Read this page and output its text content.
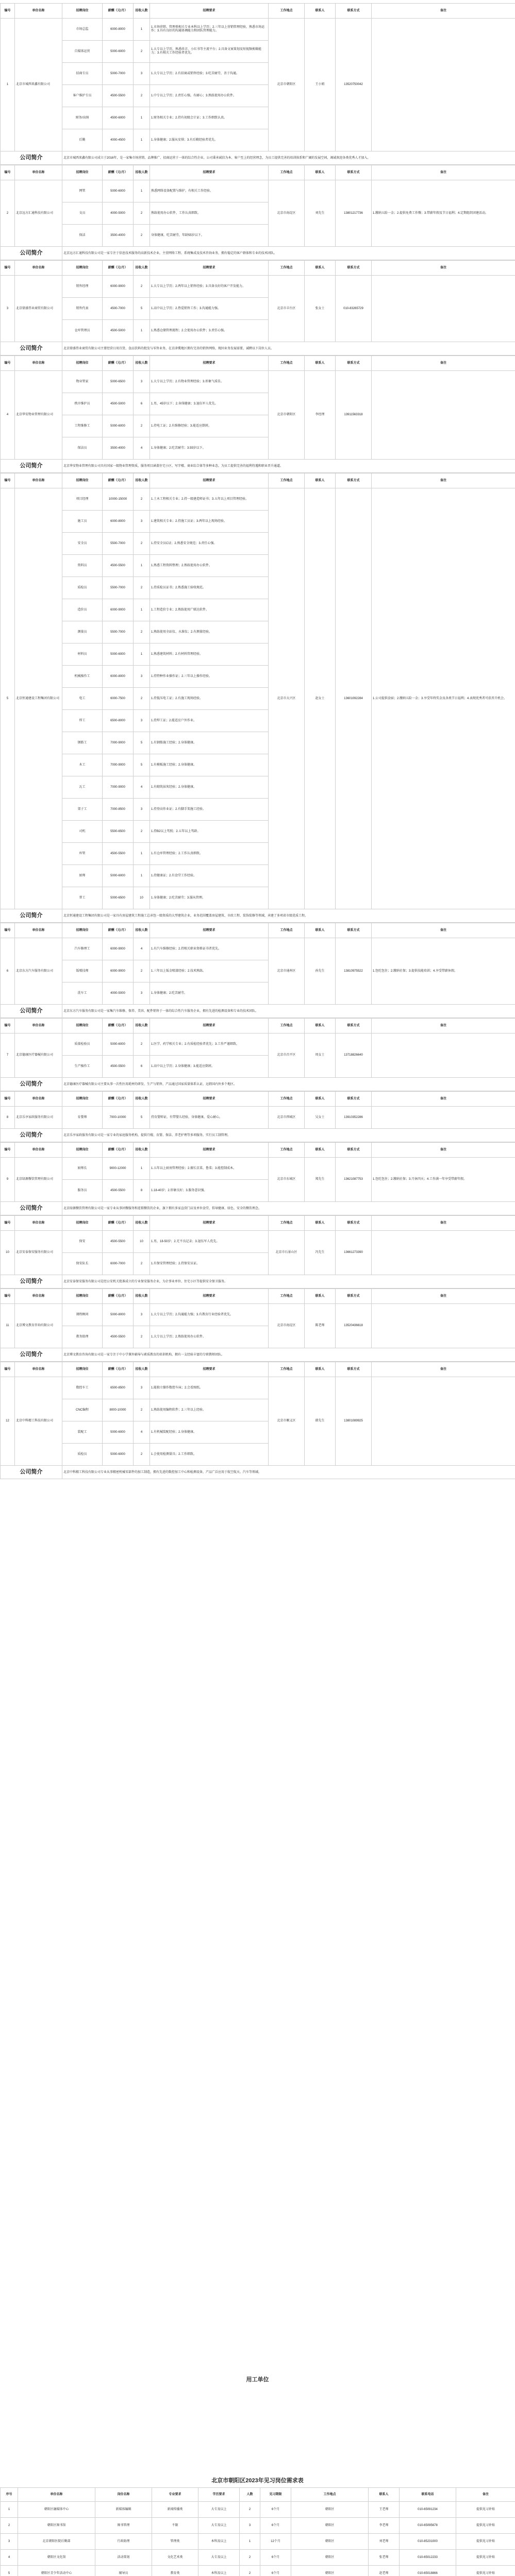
编号	单位名称	招聘岗位	薪酬（元/月）	招收人数	招聘要求	工作地点	联系人	联系方式	备注
1	北京市城西来鑫有限公司	市场总监	6000-8000	1	1.市场营销、管理类相关专业本科以上学历；2.三年以上营销管理经验，熟悉市场运作；3.具有良好的沟通协调能力和团队管理能力。	北京市朝阳区	王小姐	13520750042	
		自媒体运营	5000-6000	2	1.大专以上学历，熟悉抖音、小红书等主流平台；2.具备文案策划及短视频剪辑能力；3.有相关工作经验者优先。				
		招商专员	5000-7000	3	1.大专以上学历；2.有招商或销售经验；3.吃苦耐劳，善于沟通。				
		客户维护专员	4500-5500	2	1.中专以上学历；2.责任心强，有耐心；3.熟练使用办公软件。				
		财务/出纳	4500-6000	1	1.财务相关专业；2.持有初级会计证；3.工作细致认真。				
		后勤	4000-4500	1	1.身体健康；2.服从安排；3.有后勤经验者优先。				
公司简介		北京市城西来鑫有限公司成立于2016年，是一家集市场营销、品牌推广、招商运营于一体的综合性企业。公司秉承诚信为本、客户至上的经营理念，为员工提供完善的培训体系和广阔的发展空间，竭诚欢迎各类优秀人才加入。							
编号	单位名称	招聘岗位	薪酬（元/月）	招收人数	招聘要求	工作地点	联系人	联系方式	备注
2	北京远方汇通科技有限公司	网管	5000-6000	1	熟悉网络设备配置与维护，有相关工作经验。	北京市海淀区	刘先生	13801217736	1.缴纳五险一金；2.提供免费工作餐；3.带薪年假及节日福利；4.定期组织团建活动。
		文员	4000-5000	2	熟练使用办公软件，工作认真细致。				
		保洁	3500-4000	2	身体健康，吃苦耐劳，年龄55岁以下。				
公司简介		北京远方汇通科技有限公司是一家专注于信息技术服务的高新技术企业，主营网络工程、系统集成及技术咨询业务，拥有稳定的客户群体和专业的技术团队。							
编号	单位名称	招聘岗位	薪酬（元/月）	招收人数	招聘要求	工作地点	联系人	联系方式	备注
3	北京鼎盛伟业商贸有限公司	销售经理	6000-9000	2	1.大专以上学历；2.两年以上销售经验；3.具备良好的客户开发能力。	北京市丰台区	张女士	010-83265729	
		销售代表	4500-7000	5	1.高中以上学历；2.热爱销售工作；3.沟通能力强。				
		仓库管理员	4500-5000	1	1.熟悉仓储管理流程；2.会使用办公软件；3.责任心强。				
公司简介		北京鼎盛伟业商贸有限公司主要经营日用百货、食品饮料的批发与零售业务，在京津冀地区拥有完善的销售网络，现因业务发展需要，诚聘以下岗位人员。							
编号	单位名称	招聘岗位	薪酬（元/月）	招收人数	招聘要求	工作地点	联系人	联系方式	备注
4	北京华安物业管理有限公司	物业管家	5000-6500	3	1.大专以上学历；2.有物业管理经验；3.形象气质佳。	北京市朝阳区	李经理	13911563318	
		秩序维护员	4500-5000	6	1.男，45岁以下；2.身体健康；3.退伍军人优先。				
		工程维修工	5000-6000	2	1.持电工证；2.有维修经验；3.能适应倒班。				
		保洁员	3500-4000	4	1.身体健康；2.吃苦耐劳；3.55岁以下。				
公司简介		北京华安物业管理有限公司具有国家一级物业管理资质，服务项目涵盖住宅小区、写字楼、商业综合体等多种业态，为员工提供完善的福利待遇和职业晋升通道。							
编号	单位名称	招聘岗位	薪酬（元/月）	招收人数	招聘要求	工作地点	联系人	联系方式	备注
5	北京恒通建设工程集团有限公司	项目经理	10000-15000	2	1.土木工程相关专业；2.持一级建造师证书；3.五年以上项目管理经验。	北京市大兴区	赵女士	13601092284	1.公司提供食宿；2.缴纳五险一金；3.享受年终奖金及各类节日福利；4.表现优秀者可获晋升机会。
		施工员	6000-8000	3	1.建筑相关专业；2.持施工员证；3.两年以上现场经验。				
		安全员	5500-7000	2	1.持安全员C证；2.熟悉安全规范；3.责任心强。				
		资料员	4500-5500	1	1.熟悉工程资料整理；2.熟练使用办公软件。				
		质检员	5500-7000	2	1.持质检员证书；2.熟悉施工验收规范。				
		造价员	6000-9000	1	1.工程造价专业；2.熟练使用广联达软件。				
		测量员	5500-7000	2	1.熟练使用全站仪、水准仪；2.有测量经验。				
		材料员	5000-6000	1	1.熟悉建筑材料；2.有材料管理经验。				
		机械操作工	6000-8000	3	1.持特种作业操作证；2.三年以上操作经验。				
		电工	6000-7500	2	1.持低压电工证；2.有施工现场经验。				
		焊工	6500-8000	3	1.持焊工证；2.能适应户外作业。				
		钢筋工	7000-9000	5	1.有钢筋施工经验；2.身体健康。				
		木工	7000-9000	5	1.有模板施工经验；2.身体健康。				
		瓦工	7000-9000	4	1.有砌筑抹灰经验；2.身体健康。				
		架子工	7000-8500	3	1.持登高作业证；2.有脚手架施工经验。				
		司机	5500-6500	2	1.持B2以上驾照；2.五年以上驾龄。				
		库管	4500-5500	1	1.有仓库管理经验；2.工作认真细致。				
		厨师	5000-6000	1	1.持健康证；2.有食堂工作经验。				
		普工	5000-6500	10	1.身体健康；2.吃苦耐劳；3.服从管理。				
公司简介		北京恒通建设工程集团有限公司是一家具有房屋建筑工程施工总承包一级资质的大型建筑企业，业务范围覆盖房屋建筑、市政工程、装饰装修等领域，承建了多项省市级优质工程。							
编号	单位名称	招聘岗位	薪酬（元/月）	招收人数	招聘要求	工作地点	联系人	联系方式	备注
6	北京东方汽车服务有限公司	汽车修理工	6000-9000	4	1.有汽车维修经验；2.持相关职业资格证书者优先。	北京市通州区	孙先生	13810975522	1.包吃包住；2.缴纳社保；3.提供技能培训；4.享受带薪休假。
		钣喷技师	6000-9000	2	1.三年以上钣金喷漆经验；2.技术熟练。				
		洗车工	4000-5000	3	1.身体健康；2.吃苦耐劳。				
公司简介		北京东方汽车服务有限公司是一家集汽车维修、保养、美容、配件销售于一体的综合性汽车服务企业，拥有先进的检测设备和专业的技术团队。							
编号	单位名称	招聘岗位	薪酬（元/月）	招收人数	招聘要求	工作地点	联系人	联系方式	备注
7	北京德康医疗器械有限公司	质量检验员	5000-6000	2	1.医学、药学相关专业；2.有质检经验者优先；3.工作严谨细致。	北京市昌平区	周女士	13718826640	
		生产操作工	4500-5500	6	1.高中以上学历；2.身体健康；3.能适应倒班。				
公司简介		北京德康医疗器械有限公司主要从事一次性医用耗材的研发、生产与销售，产品通过国家质量体系认证，远销国内外多个地区。							
编号	单位名称	招聘岗位	薪酬（元/月）	招收人数	招聘要求	工作地点	联系人	联系方式	备注
8	北京乐享家政服务有限公司	育婴师	7000-10000	5	持育婴师证，有带婴儿经验，身体健康，爱心耐心。	北京市西城区	吴女士	13910352286	
公司简介		北京乐享家政服务有限公司是一家专业的家庭服务机构，提供月嫂、育婴、保洁、养老护理等多项服务，实行员工制管理。							
编号	单位名称	招聘岗位	薪酬（元/月）	招收人数	招聘要求	工作地点	联系人	联系方式	备注
9	北京绿源餐饮管理有限公司	厨师长	9000-12000	1	1.五年以上厨房管理经验；2.擅长京菜、鲁菜；3.能控制成本。	北京市东城区	郑先生	13621087753	1.包吃包住；2.缴纳社保；3.月休四天；4.工作满一年享受带薪年假。
		服务员	4500-5500	8	1.18-40岁；2.形象良好；3.服务意识强。				
公司简介		北京绿源餐饮管理有限公司是一家专业从事团餐服务和连锁餐饮的企业，旗下拥有多家直营门店及单位食堂，倡导健康、绿色、安全的餐饮理念。							
编号	单位名称	招聘岗位	薪酬（元/月）	招收人数	招聘要求	工作地点	联系人	联系方式	备注
10	北京安泰保安服务有限公司	保安	4500-5500	10	1.男，18-50岁；2.无不良记录；3.退伍军人优先。	北京市石景山区	冯先生	13661273390	
		保安队长	6000-7000	2	1.有保安管理经验；2.持保安员证。				
公司简介		北京安泰保安服务有限公司是经公安机关批准成立的专业保安服务企业，为企事业单位、住宅小区等提供安全保卫服务。							
编号	单位名称	招聘岗位	薪酬（元/月）	招收人数	招聘要求	工作地点	联系人	联系方式	备注
11	北京博文教育咨询有限公司	课程顾问	5000-8000	3	1.大专以上学历；2.沟通能力强；3.有教育行业经验者优先。	北京市海淀区	陈老师	13520436618	
		教务助理	4500-5500	2	1.大专以上学历；2.熟练使用办公软件。				
公司简介		北京博文教育咨询有限公司是一家专注于中小学课外辅导与素质教育的培训机构，拥有一支经验丰富的专职教师团队。							
编号	单位名称	招聘岗位	薪酬（元/月）	招收人数	招聘要求	工作地点	联系人	联系方式	备注
12	北京中科精工科技有限公司	数控车工	6500-8500	3	1.能独立操作数控车床；2.会看图纸。	北京市顺义区	韩先生	13801089925	
		CNC编程	8000-10000	2	1.熟练使用编程软件；2.三年以上经验。				
		装配工	5000-6000	4	1.有机械装配经验；2.身体健康。				
		质检员	5000-6000	2	1.会使用检测量具；2.工作细致。				
公司简介		北京中科精工科技有限公司专业从事精密机械零部件的加工制造，拥有先进的数控加工中心和检测设备，产品广泛应用于航空航天、汽车等领域。							
用工单位
北京市朝阳区2023年见习岗位需求表
序号	单位名称	岗位名称	专业要求	学历要求	人数	见习期限	工作地点	联系人	联系电话	备注
1	朝阳区融媒体中心	新媒体编辑	新闻传播类	大专及以上	2	6个月	朝阳区	王老师	010-65091234	提供见习补贴
2	朝阳区图书馆	图书管理	不限	大专及以上	3	6个月	朝阳区	李老师	010-65095678	提供见习补贴
3	北京朝阳医院后勤部	行政助理	管理类	本科及以上	1	12个月	朝阳区	刘老师	010-85231000	提供见习补贴
4	朝阳区文化馆	活动策划	文化艺术类	大专及以上	2	6个月	朝阳区	张老师	010-65012233	提供见习补贴
5	朝阳区青少年活动中心	辅导员	教育类	本科及以上	2	6个月	朝阳区	赵老师	010-65018866	提供见习补贴
